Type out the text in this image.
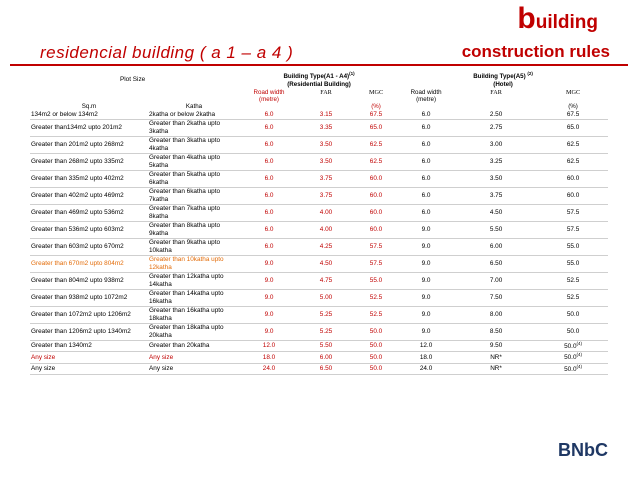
building
construction rules
residencial building ( a 1 – a 4 )
Plot Size		Building Type(A1 - A4)$^{(1)}$			Building Type(A5) $^{(2)}$
		(Residential Building)			(Hotel)		
		Road width	FAR	MGC	Road width	FAR	MGC
Sq.m	Katha	(metre)		(%)	(metre)		(%)
134m2 or below 134m2	2katha or below 2katha	6.0	3.15	67.5	6.0	2.50	67.5
Greater than134m2 upto 201m2	Greater than 2katha upto 3katha	6.0	3.35	65.0	6.0	2.75	65.0
Greater than 201m2 upto 268m2	Greater than 3katha upto 4katha	6.0	3.50	62.5	6.0	3.00	62.5
Greater than 268m2 upto 335m2	Greater than 4katha upto 5katha	6.0	3.50	62.5	6.0	3.25	62.5
Greater than 335m2 upto 402m2	Greater than 5katha upto 6katha	6.0	3.75	60.0	6.0	3.50	60.0
Greater than 402m2 upto 469m2	Greater than 6katha upto 7katha	6.0	3.75	60.0	6.0	3.75	60.0
Greater than 469m2 upto 536m2	Greater than 7katha upto 8katha	6.0	4.00	60.0	6.0	4.50	57.5
Greater than 536m2 upto 603m2	Greater than 8katha upto 9katha	6.0	4.00	60.0	9.0	5.50	57.5
Greater than 603m2 upto 670m2	Greater than 9katha upto 10katha	6.0	4.25	57.5	9.0	6.00	55.0
Greater than 670m2 upto 804m2	Greater than 10katha upto 12katha	9.0	4.50	57.5	9.0	6.50	55.0
Greater than 804m2 upto 938m2	Greater than 12katha upto 14katha	9.0	4.75	55.0	9.0	7.00	52.5
Greater than 938m2 upto 1072m2	Greater than 14katha upto 16katha	9.0	5.00	52.5	9.0	7.50	52.5
Greater than 1072m2 upto 1206m2	Greater than 16katha upto 18katha	9.0	5.25	52.5	9.0	8.00	50.0
Greater than 1206m2 upto 1340m2	Greater than 18katha upto 20katha	9.0	5.25	50.0	9.0	8.50	50.0
Greater than 1340m2	Greater than 20katha	12.0	5.50	50.0	12.0	9.50	50.0$^{(4)}$
Any size	Any size	18.0	6.00	50.0	18.0	NR*	50.0$^{(4)}$
Any size	Any size	24.0	6.50	50.0	24.0	NR*	50.0$^{(4)}$
BNbC
